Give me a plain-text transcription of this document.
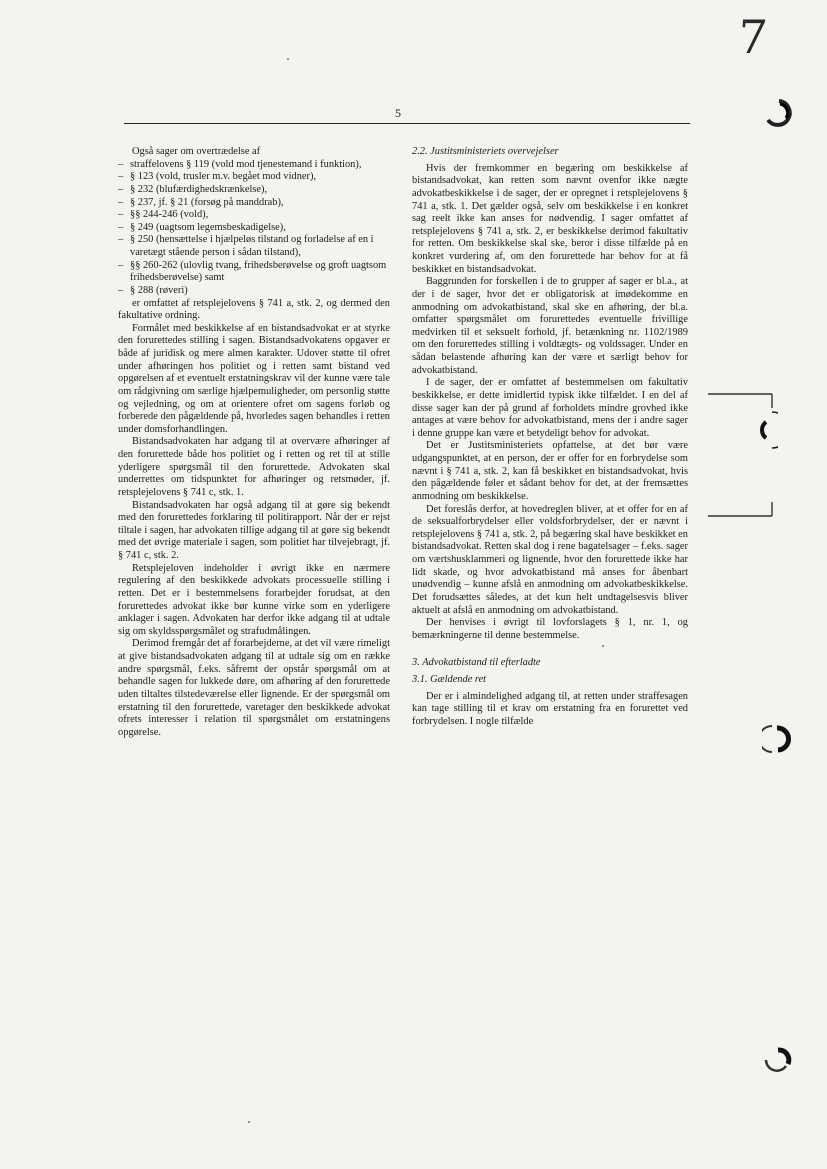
7
5

Også sager om overtrædelse af

– straffelovens § 119 (vold mod tjenestemand i funktion),
– § 123 (vold, trusler m.v. begået mod vidner),
– § 232 (blufærdighedskrænkelse),
– § 237, jf. § 21 (forsøg på manddrab),
– §§ 244-246 (vold),
– § 249 (uagtsom legemsbeskadigelse),
– § 250 (hensættelse i hjælpeløs tilstand og forladelse af en i varetægt stående person i sådan tilstand),
– §§ 260-262 (ulovlig tvang, frihedsberøvelse og groft uagtsom frihedsberøvelse) samt
– § 288 (røveri)

er omfattet af retsplejelovens § 741 a, stk. 2, og dermed den fakultative ordning.

Formålet med beskikkelse af en bistandsadvokat er at styrke den forurettedes stilling i sagen. Bistandsadvokatens opgaver er både af juridisk og mere almen karakter. Udover støtte til ofret under afhøringen hos politiet og i retten samt bistand ved opgørelsen af et eventuelt erstatningskrav vil der kunne være tale om rådgivning om særlige hjælpemuligheder, om personlig støtte og vejledning, og om at orientere ofret om sagens forløb og forberede den pågældende på, hvorledes sagen behandles i retten under domsforhandlingen.

Bistandsadvokaten har adgang til at overvære afhøringer af den forurettede både hos politiet og i retten og ret til at stille yderligere spørgsmål til den forurettede. Advokaten skal underrettes om tidspunktet for afhøringer og retsmøder, jf. retsplejelovens § 741 c, stk. 1.

Bistandsadvokaten har også adgang til at gøre sig bekendt med den forurettedes forklaring til politirapport. Når der er rejst tiltale i sagen, har advokaten tillige adgang til at gøre sig bekendt med det øvrige materiale i sagen, som politiet har tilvejebragt, jf. § 741 c, stk. 2.

Retsplejeloven indeholder i øvrigt ikke en nærmere regulering af den beskikkede advokats processuelle stilling i retten. Det er i bestemmelsens forarbejder forudsat, at den forurettedes advokat ikke bør kunne virke som en yderligere anklager i sagen. Advokaten har derfor ikke adgang til at udtale sig om skyldsspørgsmålet og strafudmålingen.

Derimod fremgår det af forarbejderne, at det vil være rimeligt at give bistandsadvokaten adgang til at udtale sig om en række andre spørgsmål, f.eks. såfremt der opstår spørgsmål om at behandle sagen for lukkede døre, om afhøring af den forurettede uden tiltaltes tilstedeværelse eller lignende. Er der spørgsmål om erstatning til den forurettede, varetager den beskikkede advokat ofrets interesser i relation til spørgsmålet om erstatningens opgørelse.

2.2. Justitsministeriets overvejelser

Hvis der fremkommer en begæring om beskikkelse af bistandsadvokat, kan retten som nævnt ovenfor ikke nægte advokatbeskikkelse i de sager, der er opregnet i retsplejelovens § 741 a, stk. 1. Det gælder også, selv om beskikkelse i en konkret sag reelt ikke kan anses for nødvendig. I sager omfattet af retsplejelovens § 741 a, stk. 2, er beskikkelse derimod fakultativ for retten. Om beskikkelse skal ske, beror i disse tilfælde på en konkret vurdering af, om den forurettede har behov for at få beskikket en bistandsadvokat.

Baggrunden for forskellen i de to grupper af sager er bl.a., at der i de sager, hvor det er obligatorisk at imødekomme en anmodning om advokatbistand, skal ske en afhøring, der bl.a. omfatter spørgsmålet om forurettedes eventuelle frivillige medvirken til et seksuelt forhold, jf. betænkning nr. 1102/1989 om den forurettedes stilling i voldtægts- og voldssager. Under en sådan belastende afhøring kan der være et særligt behov for advokatbistand.

I de sager, der er omfattet af bestemmelsen om fakultativ beskikkelse, er dette imidlertid typisk ikke tilfældet. I en del af disse sager kan der på grund af forholdets mindre grovhed ikke antages at være behov for advokatbistand, mens der i andre sager i denne gruppe kan være et betydeligt behov for advokat.

Det er Justitsministeriets opfattelse, at det bør være udgangspunktet, at en person, der er offer for en forbrydelse som nævnt i § 741 a, stk. 2, kan få beskikket en bistandsadvokat, hvis den pågældende føler et sådant behov for det, at der fremsættes anmodning om beskikkelse.

Det foreslås derfor, at hovedreglen bliver, at et offer for en af de seksualforbrydelser eller voldsforbrydelser, der er nævnt i retsplejelovens § 741 a, stk. 2, på begæring skal have beskikket en bistandsadvokat. Retten skal dog i rene bagatelsager – f.eks. sager om værtshusklammeri og lignende, hvor den forurettede ikke har lidt skade, og hvor advokatbistand må anses for åbenbart unødvendig – kunne afslå en anmodning om advokatbeskikkelse. Det forudsættes således, at det kun helt undtagelsesvis bliver aktuelt at afslå en anmodning om advokatbistand.

Der henvises i øvrigt til lovforslagets § 1, nr. 1, og bemærkningerne til denne bestemmelse.

3. Advokatbistand til efterladte

3.1. Gældende ret

Der er i almindelighed adgang til, at retten under straffesagen kan tage stilling til et krav om erstatning fra en forurettet ved forbrydelsen. I nogle tilfælde
